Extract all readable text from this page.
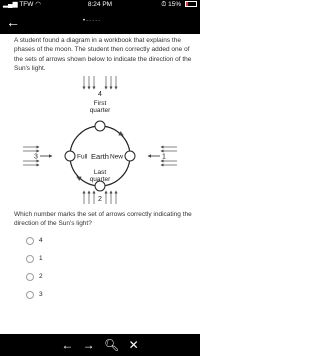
▂▄▆ TFW ◠	8:24 PM	⏰︎ 15%
←	•·····
A student found a diagram in a workbook that explains the phases of the moon. The student then correctly added one of the sets of arrows shown below to indicate the direction of the Sun's light.
4
2
3	1
First
quarter
Full Earth New
Last
quarter
Which number marks the set of arrows correctly indicating the direction of the Sun's light?
4
1
2
3
← → 🔍︎ ✕
